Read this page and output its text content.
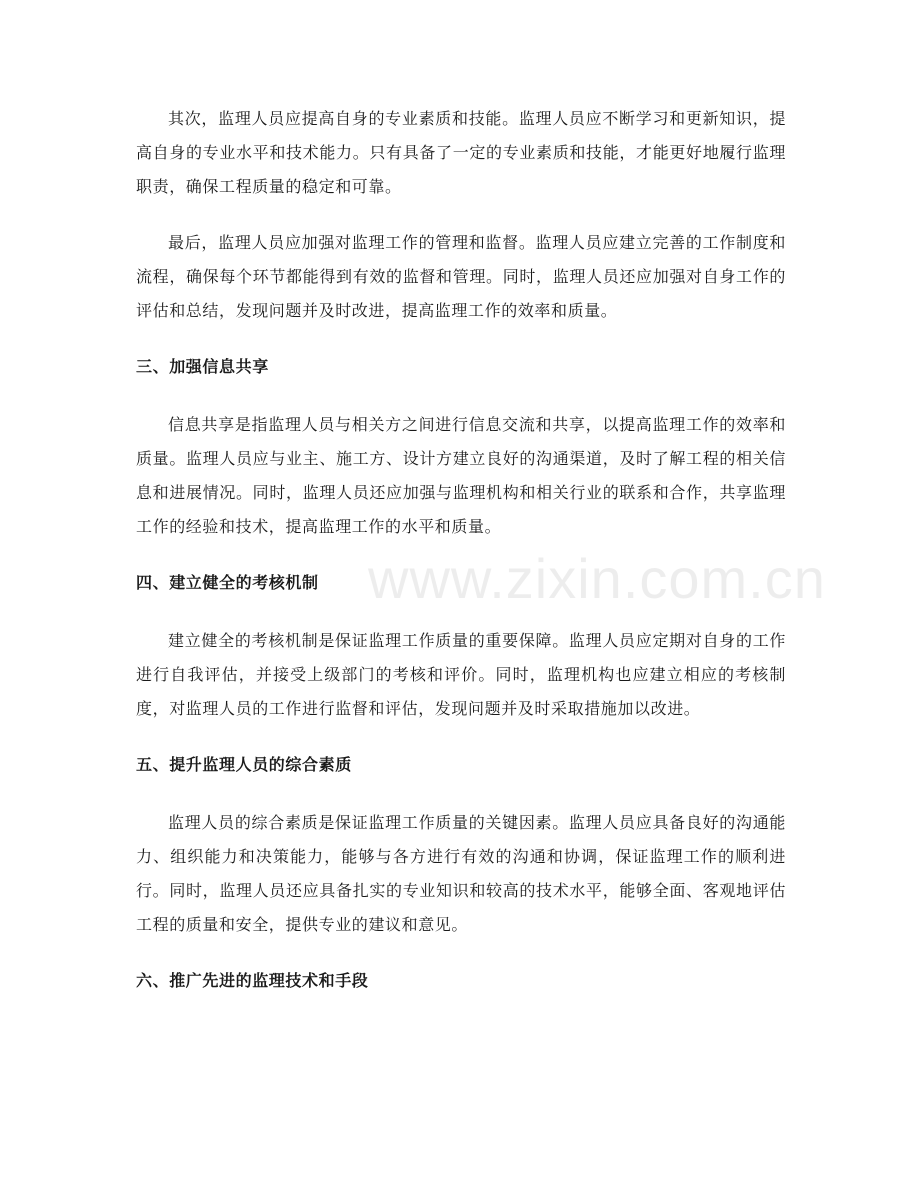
其次，监理人员应提高自身的专业素质和技能。监理人员应不断学习和更新知识，提高自身的专业水平和技术能力。只有具备了一定的专业素质和技能，才能更好地履行监理职责，确保工程质量的稳定和可靠。

最后，监理人员应加强对监理工作的管理和监督。监理人员应建立完善的工作制度和流程，确保每个环节都能得到有效的监督和管理。同时，监理人员还应加强对自身工作的评估和总结，发现问题并及时改进，提高监理工作的效率和质量。

三、加强信息共享

信息共享是指监理人员与相关方之间进行信息交流和共享，以提高监理工作的效率和质量。监理人员应与业主、施工方、设计方建立良好的沟通渠道，及时了解工程的相关信息和进展情况。同时，监理人员还应加强与监理机构和相关行业的联系和合作，共享监理工作的经验和技术，提高监理工作的水平和质量。

四、建立健全的考核机制

建立健全的考核机制是保证监理工作质量的重要保障。监理人员应定期对自身的工作进行自我评估，并接受上级部门的考核和评价。同时，监理机构也应建立相应的考核制度，对监理人员的工作进行监督和评估，发现问题并及时采取措施加以改进。

五、提升监理人员的综合素质

监理人员的综合素质是保证监理工作质量的关键因素。监理人员应具备良好的沟通能力、组织能力和决策能力，能够与各方进行有效的沟通和协调，保证监理工作的顺利进行。同时，监理人员还应具备扎实的专业知识和较高的技术水平，能够全面、客观地评估工程的质量和安全，提供专业的建议和意见。

六、推广先进的监理技术和手段
www.zixin.com.cn
